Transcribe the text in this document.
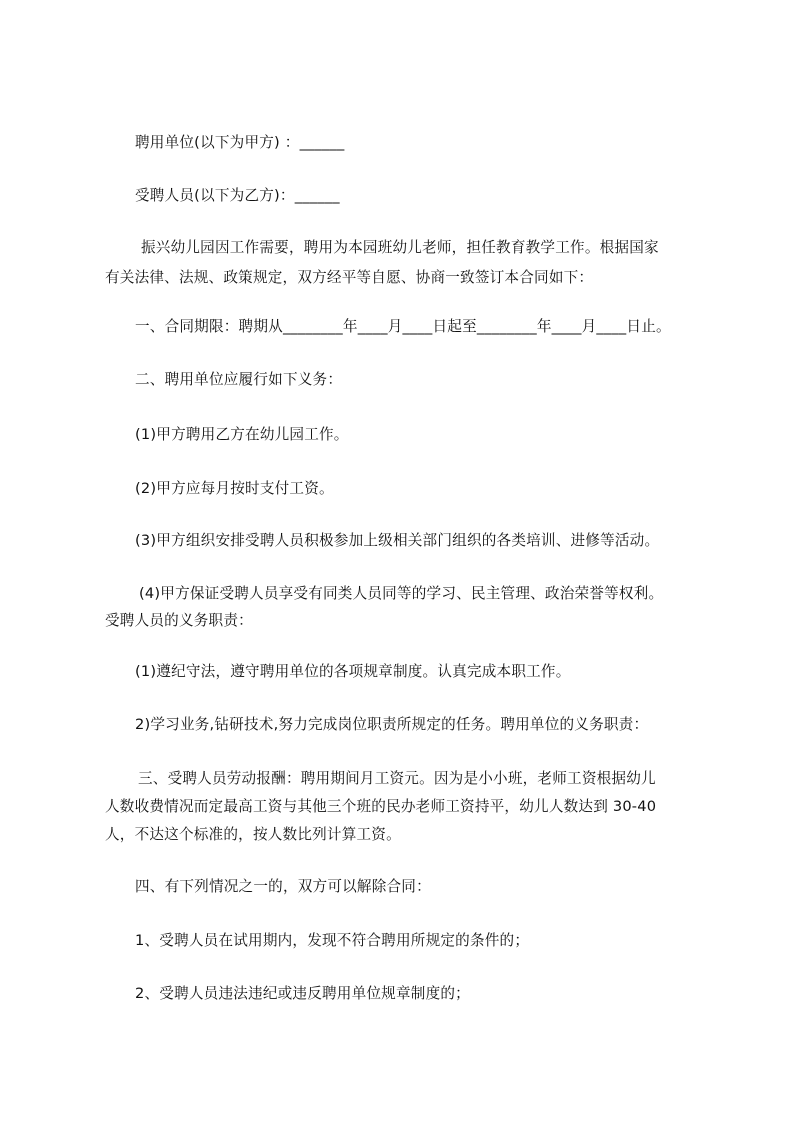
聘用单位(以下为甲方) ：______
受聘人员(以下为乙方)：______
振兴幼儿园因工作需要，聘用为本园班幼儿老师，担任教育教学工作。根据国家
有关法律、法规、政策规定，双方经平等自愿、协商一致签订本合同如下：
一、合同期限：聘期从________年____月____日起至________年____月____日止。
二、聘用单位应履行如下义务：
(1)甲方聘用乙方在幼儿园工作。
(2)甲方应每月按时支付工资。
(3)甲方组织安排受聘人员积极参加上级相关部门组织的各类培训、进修等活动。
(4)甲方保证受聘人员享受有同类人员同等的学习、民主管理、政治荣誉等权利。
受聘人员的义务职责：
(1)遵纪守法，遵守聘用单位的各项规章制度。认真完成本职工作。
2)学习业务,钻研技术,努力完成岗位职责所规定的任务。聘用单位的义务职责：
三、受聘人员劳动报酬：聘用期间月工资元。因为是小小班，老师工资根据幼儿
人数收费情况而定最高工资与其他三个班的民办老师工资持平，幼儿人数达到 30-40
人，不达这个标准的，按人数比列计算工资。
四、有下列情况之一的，双方可以解除合同：
1、受聘人员在试用期内，发现不符合聘用所规定的条件的；
2、受聘人员违法违纪或违反聘用单位规章制度的；
